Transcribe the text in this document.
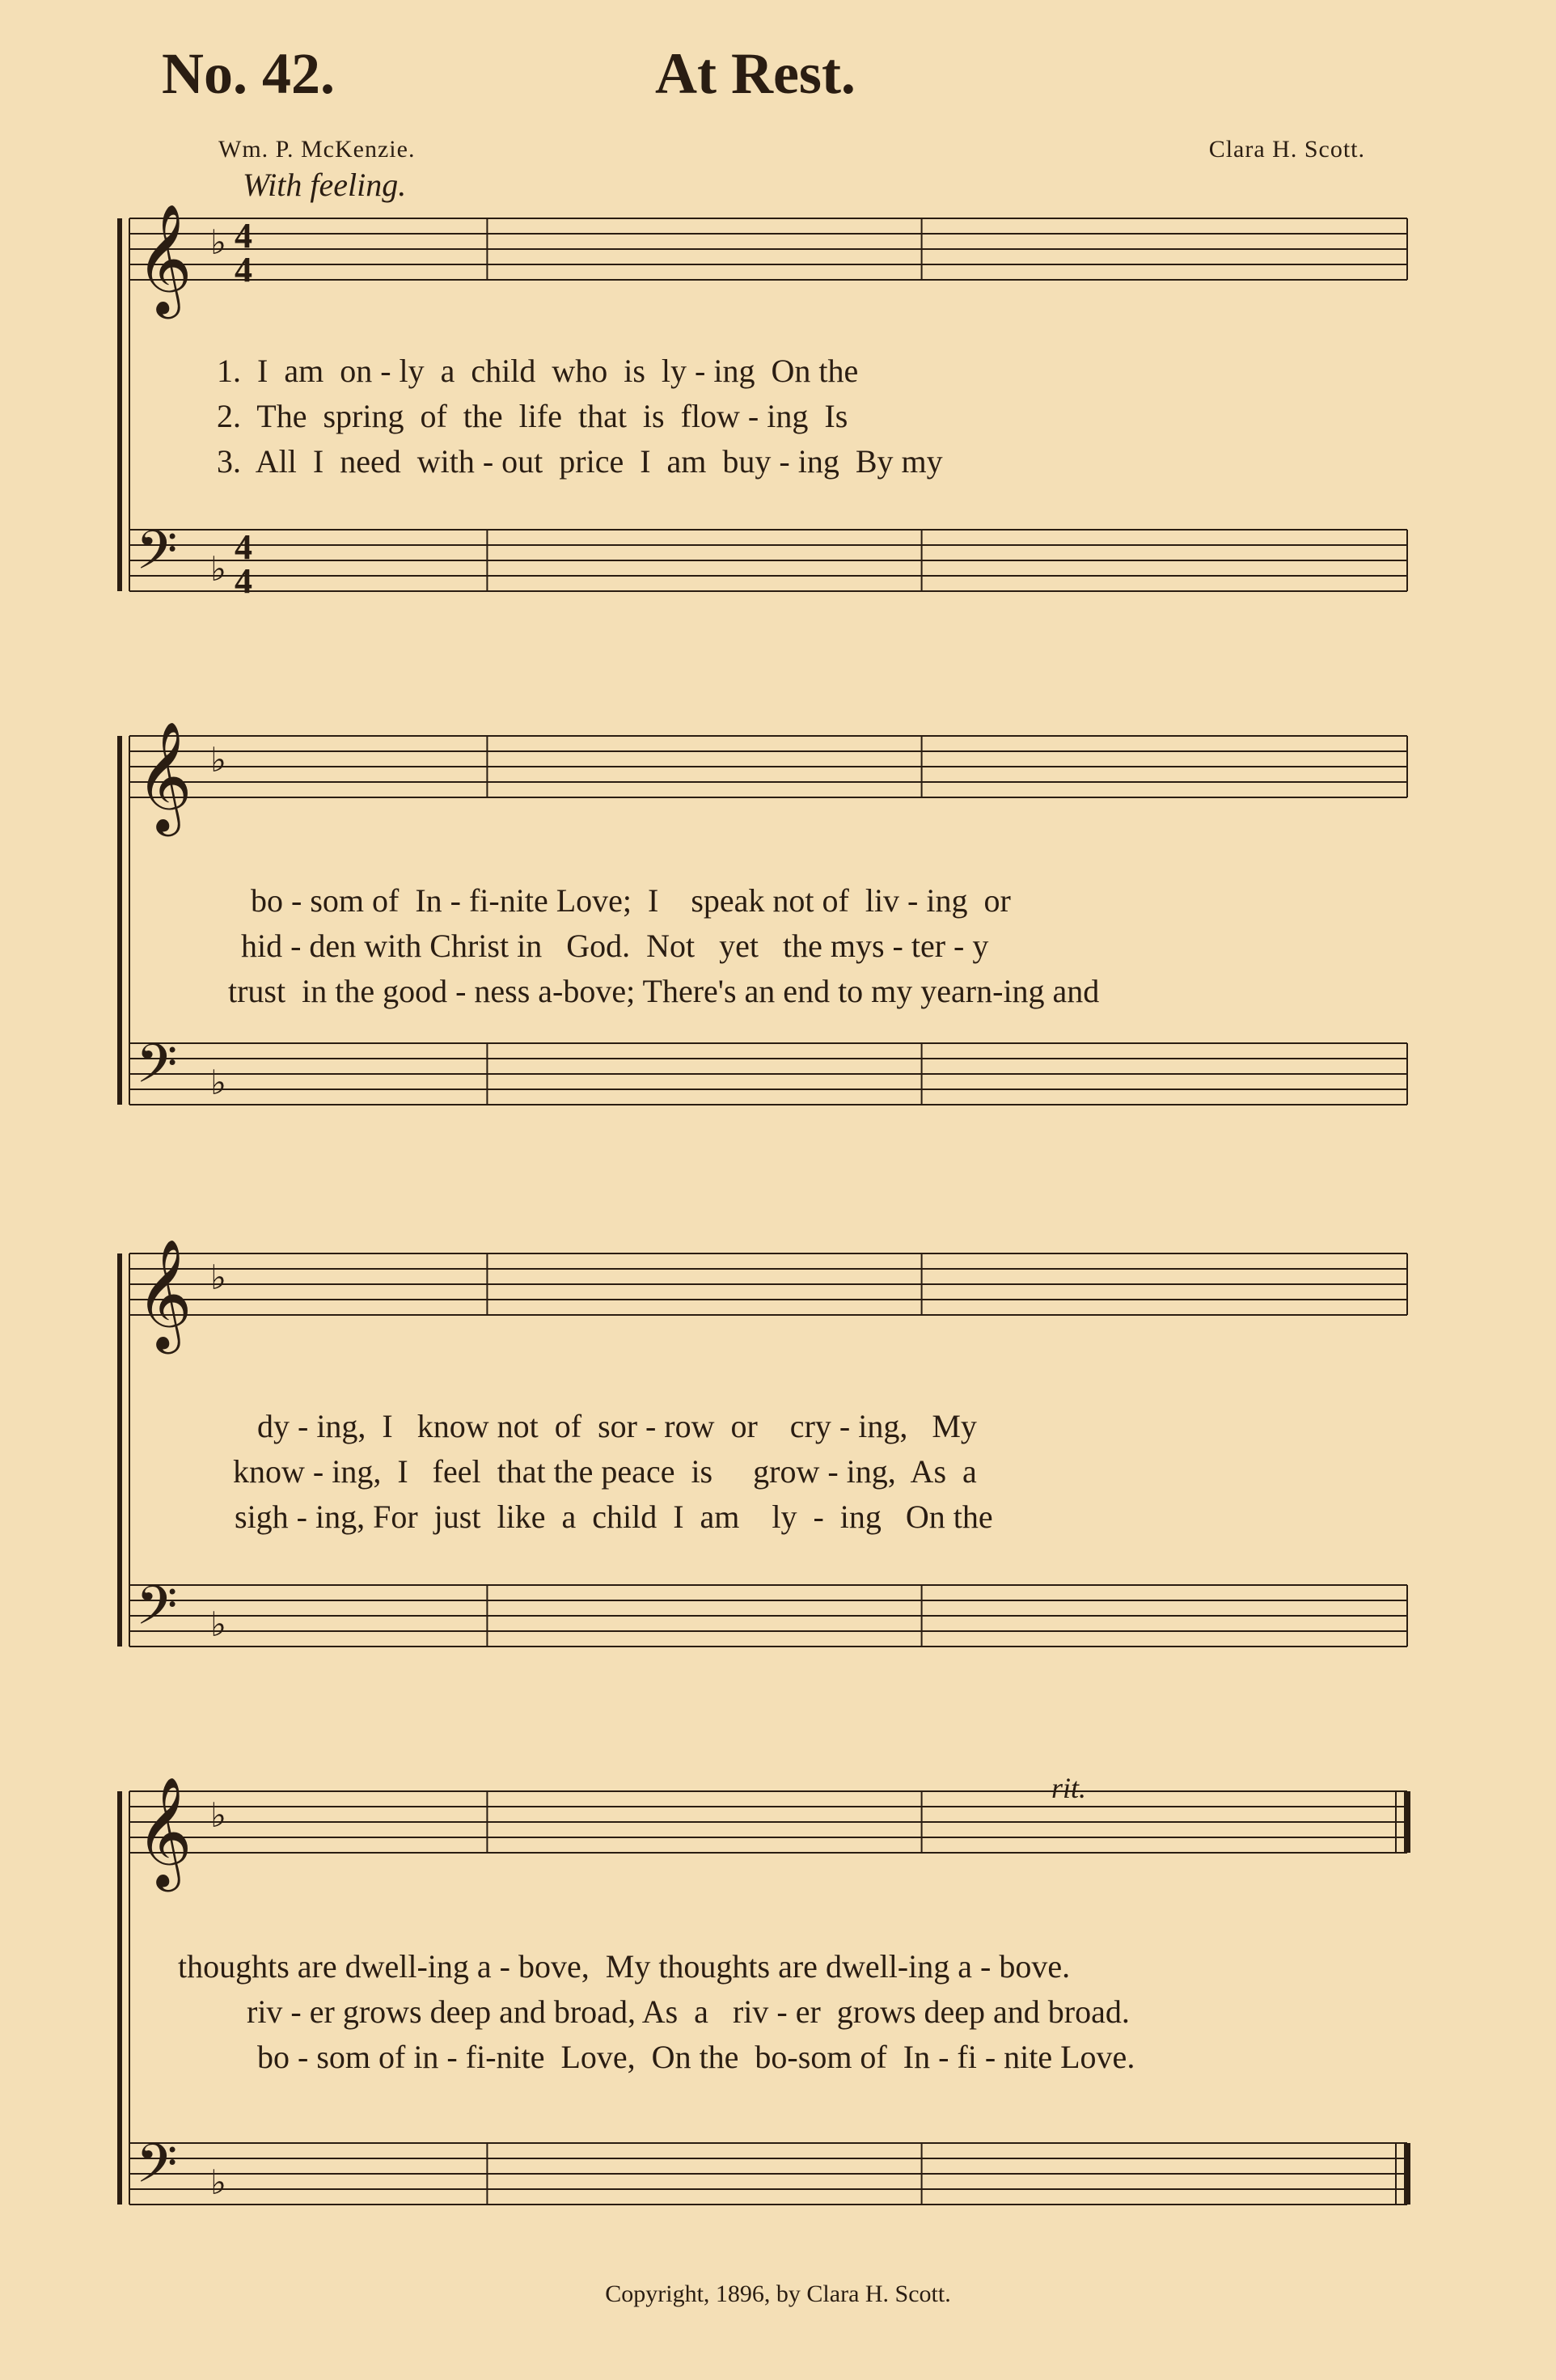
No. 42.	At Rest.
Wm. P. McKenzie.	Clara H. Scott.
With feeling.
𝄞 ♭ 4
4
𝄢 ♭
4
4
1.  I  am  on - ly  a  child  who  is  ly - ing  On the
2.  The  spring  of  the  life  that  is  flow - ing  Is
3.  All  I  need  with - out  price  I  am  buy - ing  By my
𝄞 ♭
𝄢 ♭
bo - som of  In - fi-nite Love;  I    speak not of  liv - ing  or
hid - den with Christ in   God.  Not   yet   the mys - ter - y
trust  in the good - ness a-bove; There's an end to my yearn-ing and
𝄞 ♭
𝄢 ♭
dy - ing,  I   know not  of  sor - row  or    cry - ing,   My
know - ing,  I   feel  that the peace  is     grow - ing,  As  a
sigh - ing, For  just  like  a  child  I  am    ly  -  ing   On the
𝄞 ♭
𝄢 ♭
rit.
thoughts are dwell-ing a - bove,  My thoughts are dwell-ing a - bove.
riv - er grows deep and broad, As  a   riv - er  grows deep and broad.
bo - som of in - fi-nite  Love,  On the  bo-som of  In - fi - nite Love.
Copyright, 1896, by Clara H. Scott.
